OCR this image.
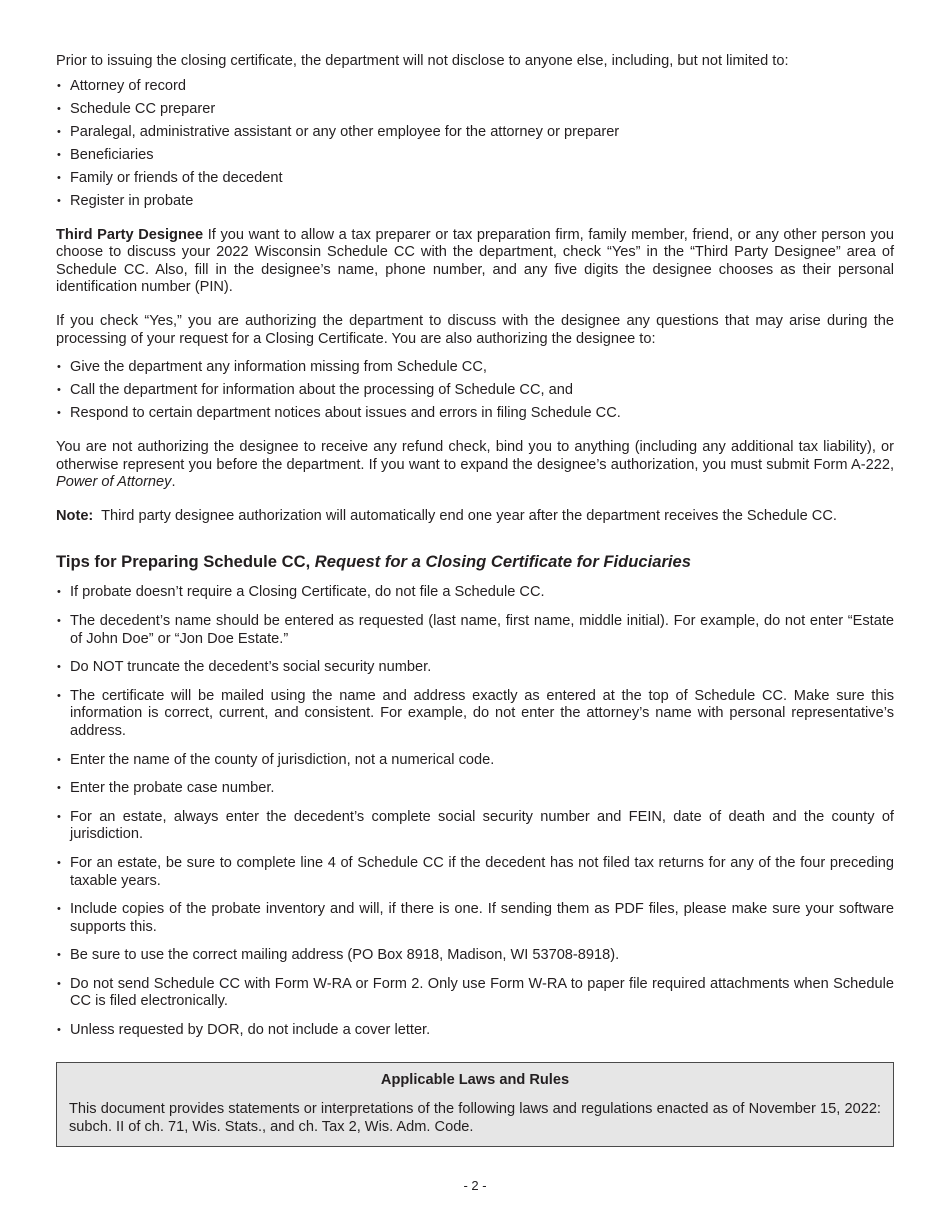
Prior to issuing the closing certificate, the department will not disclose to anyone else, including, but not limited to:

• Attorney of record
• Schedule CC preparer
• Paralegal, administrative assistant or any other employee for the attorney or preparer
• Beneficiaries
• Family or friends of the decedent
• Register in probate

Third Party Designee If you want to allow a tax preparer or tax preparation firm, family member, friend, or any other person you choose to discuss your 2022 Wisconsin Schedule CC with the department, check “Yes” in the “Third Party Designee” area of Schedule CC. Also, fill in the designee’s name, phone number, and any five digits the designee chooses as their personal identification number (PIN).

If you check “Yes,” you are authorizing the department to discuss with the designee any questions that may arise during the processing of your request for a Closing Certificate. You are also authorizing the designee to:

• Give the department any information missing from Schedule CC,
• Call the department for information about the processing of Schedule CC, and
• Respond to certain department notices about issues and errors in filing Schedule CC.

You are not authorizing the designee to receive any refund check, bind you to anything (including any additional tax liability), or otherwise represent you before the department. If you want to expand the designee’s authorization, you must submit Form A-222, Power of Attorney.

Note:  Third party designee authorization will automatically end one year after the department receives the Schedule CC.

Tips for Preparing Schedule CC, Request for a Closing Certificate for Fiduciaries
• If probate doesn’t require a Closing Certificate, do not file a Schedule CC.
• The decedent’s name should be entered as requested (last name, first name, middle initial). For example, do not enter “Estate of John Doe” or “Jon Doe Estate.”
• Do NOT truncate the decedent’s social security number.
• The certificate will be mailed using the name and address exactly as entered at the top of Schedule CC. Make sure this information is correct, current, and consistent. For example, do not enter the attorney’s name with personal representative’s address.
• Enter the name of the county of jurisdiction, not a numerical code.
• Enter the probate case number.
• For an estate, always enter the decedent’s complete social security number and FEIN, date of death and the county of jurisdiction.
• For an estate, be sure to complete line 4 of Schedule CC if the decedent has not filed tax returns for any of the four preceding taxable years.
• Include copies of the probate inventory and will, if there is one. If sending them as PDF files, please make sure your software supports this.
• Be sure to use the correct mailing address (PO Box 8918, Madison, WI 53708-8918).
• Do not send Schedule CC with Form W-RA or Form 2. Only use Form W-RA to paper file required attachments when Schedule CC is filed electronically.
• Unless requested by DOR, do not include a cover letter.
Applicable Laws and Rules

This document provides statements or interpretations of the following laws and regulations enacted as of November 15, 2022: subch. II of ch. 71, Wis. Stats., and ch. Tax 2, Wis. Adm. Code.

- 2 -
